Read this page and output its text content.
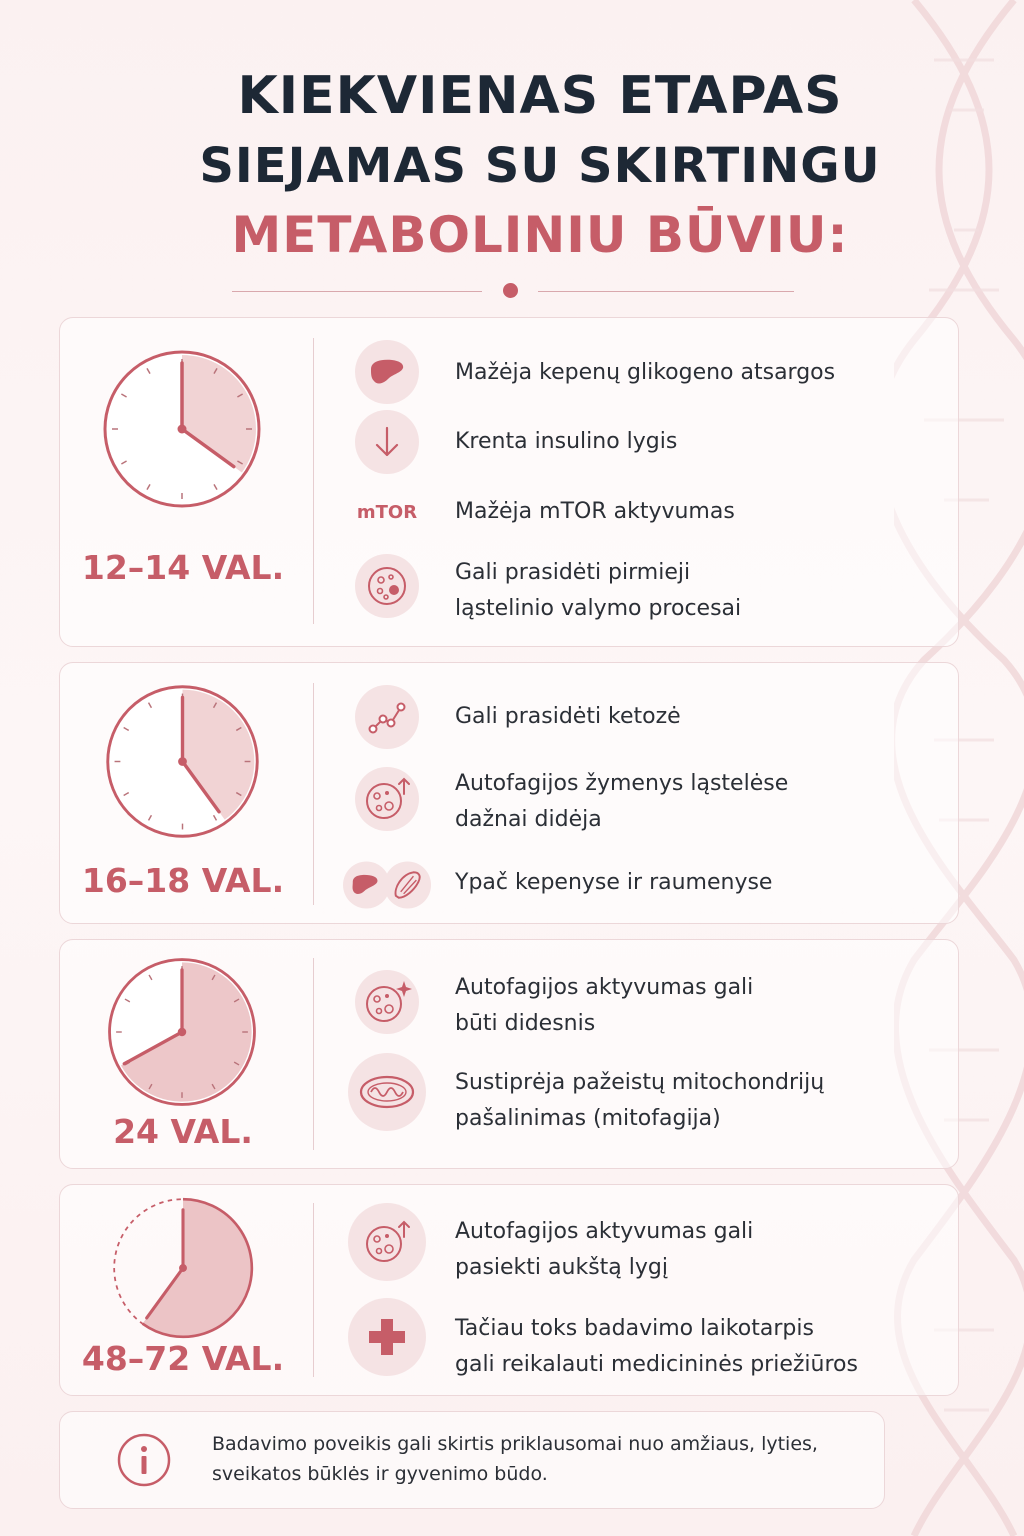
KIEKVIENAS ETAPAS
SIEJAMAS SU SKIRTINGU
METABOLINIU BŪVIU:
12–14 VAL.
Mažėja kepenų glikogeno atsargos
Krenta insulino lygis
mTOR Mažėja mTOR aktyvumas
Gali prasidėti pirmieji
ląstelinio valymo procesai
16–18 VAL.
Gali prasidėti ketozė
Autofagijos žymenys ląstelėse
dažnai didėja
Ypač kepenyse ir raumenyse
24 VAL.
Autofagijos aktyvumas gali
būti didesnis
Sustiprėja pažeistų mitochondrijų
pašalinimas (mitofagija)
48–72 VAL.
Autofagijos aktyvumas gali
pasiekti aukštą lygį
Tačiau toks badavimo laikotarpis
gali reikalauti medicininės priežiūros
Badavimo poveikis gali skirtis priklausomai nuo amžiaus, lyties,
sveikatos būklės ir gyvenimo būdo.
